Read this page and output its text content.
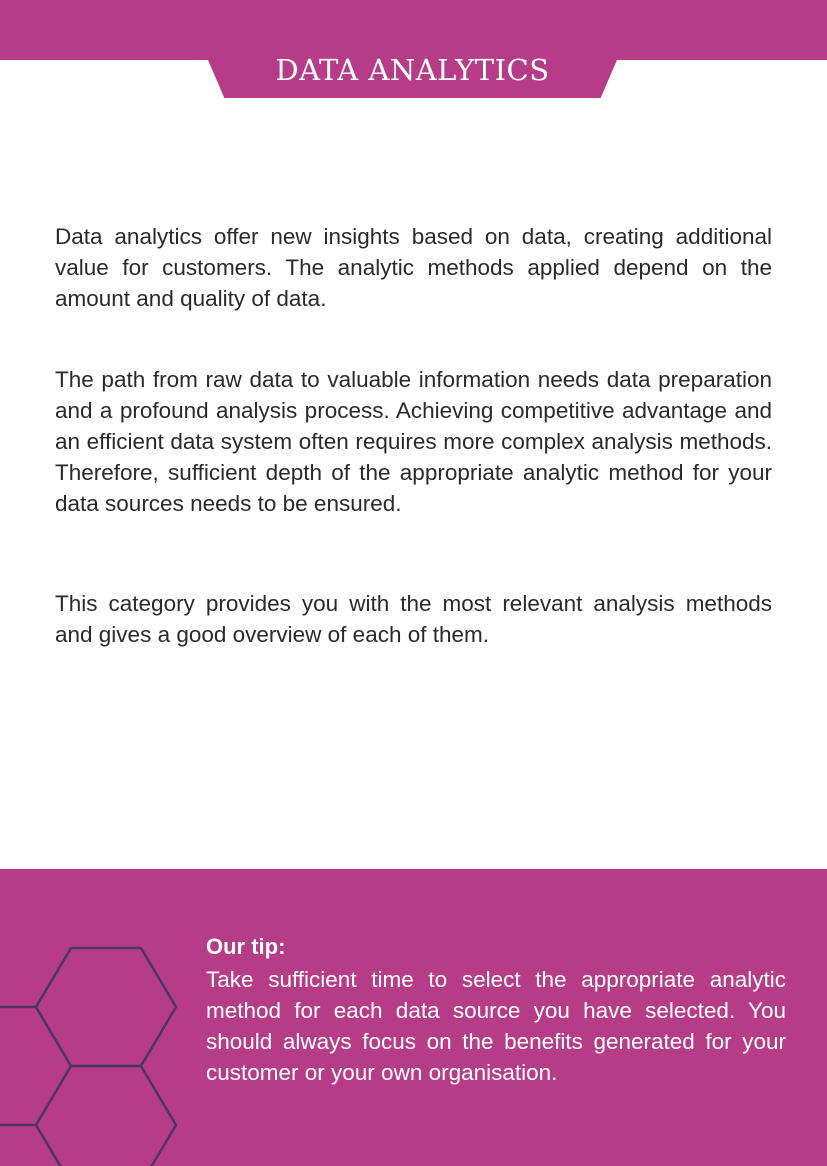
DATA ANALYTICS

Data analytics offer new insights based on data, creating additional value for customers. The analytic methods applied depend on the amount and quality of data.

The path from raw data to valuable information needs data preparation and a profound analysis process. Achieving competitive advantage and an efficient data system often requires more complex analysis methods. Therefore, sufficient depth of the appropriate analytic method for your data sources needs to be ensured.

This category provides you with the most relevant analysis methods and gives a good overview of each of them.

Our tip:

Take sufficient time to select the appropriate analytic method for each data source you have selected. You should always focus on the benefits generated for your customer or your own organisation.
